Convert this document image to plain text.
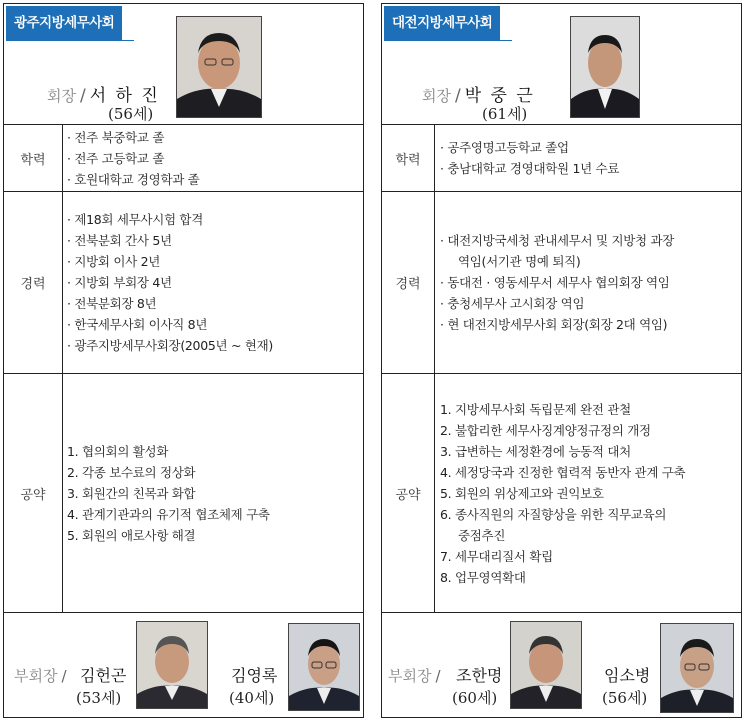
광주지방세무사회
회장 / 서 하 진
(56세)
학력
· 전주 북중학교 졸
· 전주 고등학교 졸
· 호원대학교 경영학과 졸
경력
· 제18회 세무사시험 합격
· 전북분회 간사 5년
· 지방회 이사 2년
· 지방회 부회장 4년
· 전북분회장 8년
· 한국세무사회 이사직 8년
· 광주지방세무사회장(2005년 ~ 현재)
공약
1. 협의회의 활성화
2. 각종 보수료의 정상화
3. 회원간의 친목과 화합
4. 관계기관과의 유기적 협조체제 구축
5. 회원의 애로사항 해결
부회장 / 김헌곤
(53세)
김영록
(40세)
대전지방세무사회
회장 / 박 중 근
(61세)
학력
· 공주영명고등학교 졸업
· 충남대학교 경영대학원 1년 수료
경력
· 대전지방국세청 관내세무서 및 지방청 과장
역임(서기관 명예 퇴직)
· 동대전 · 영동세무서 세무사 협의회장 역임
· 충청세무사 고시회장 역임
· 현 대전지방세무사회 회장(회장 2대 역임)
공약
1. 지방세무사회 독립문제 완전 관철
2. 불합리한 세무사징계양정규정의 개정
3. 급변하는 세정환경에 능동적 대처
4. 세정당국과 진정한 협력적 동반자 관계 구축
5. 회원의 위상제고와 권익보호
6. 종사직원의 자질향상을 위한 직무교육의
중점추진
7. 세무대리질서 확립
8. 업무영역확대
부회장 / 조한명
(60세)
임소병
(56세)
